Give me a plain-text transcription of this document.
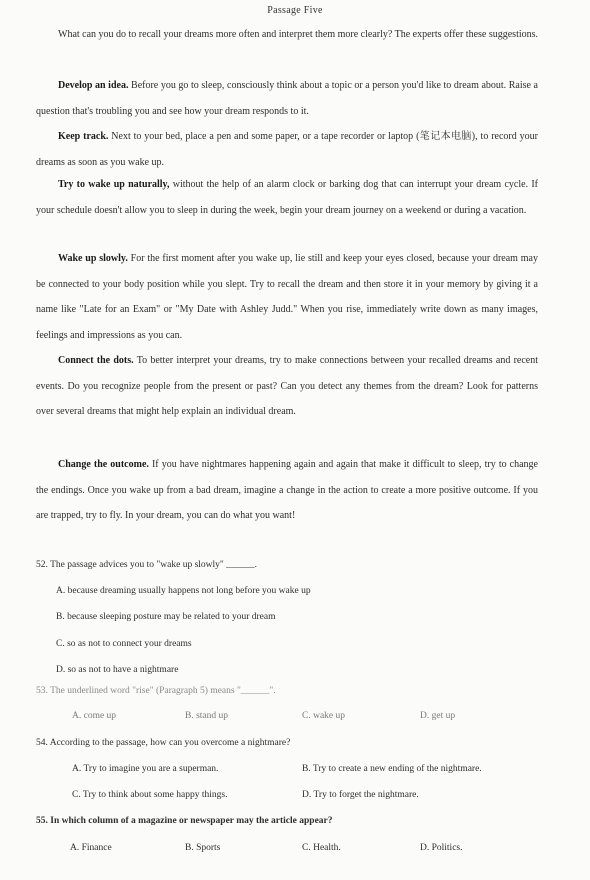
Passage Five
What can you do to recall your dreams more often and interpret them more clearly? The experts offer these suggestions.
Develop an idea. Before you go to sleep, consciously think about a topic or a person you'd like to dream about. Raise a question that's troubling you and see how your dream responds to it.
Keep track. Next to your bed, place a pen and some paper, or a tape recorder or laptop (笔记本电脑), to record your dreams as soon as you wake up.
Try to wake up naturally, without the help of an alarm clock or barking dog that can interrupt your dream cycle. If your schedule doesn't allow you to sleep in during the week, begin your dream journey on a weekend or during a vacation.
Wake up slowly. For the first moment after you wake up, lie still and keep your eyes closed, because your dream may be connected to your body position while you slept. Try to recall the dream and then store it in your memory by giving it a name like "Late for an Exam" or "My Date with Ashley Judd." When you rise, immediately write down as many images, feelings and impressions as you can.
Connect the dots. To better interpret your dreams, try to make connections between your recalled dreams and recent events. Do you recognize people from the present or past? Can you detect any themes from the dream? Look for patterns over several dreams that might help explain an individual dream.
Change the outcome. If you have nightmares happening again and again that make it difficult to sleep, try to change the endings. Once you wake up from a bad dream, imagine a change in the action to create a more positive outcome. If you are trapped, try to fly. In your dream, you can do what you want!
52. The passage advices you to "wake up slowly" ______.
A. because dreaming usually happens not long before you wake up
B. because sleeping posture may be related to your dream
C. so as not to connect your dreams
D. so as not to have a nightmare
53. The underlined word "rise" (Paragraph 5) means "______".
A. come up	B. stand up	C. wake up	D. get up
54. According to the passage, how can you overcome a nightmare?
A. Try to imagine you are a superman.	B. Try to create a new ending of the nightmare.
C. Try to think about some happy things.	D. Try to forget the nightmare.
55. In which column of a magazine or newspaper may the article appear?
A. Finance	B. Sports	C. Health.	D. Politics.
